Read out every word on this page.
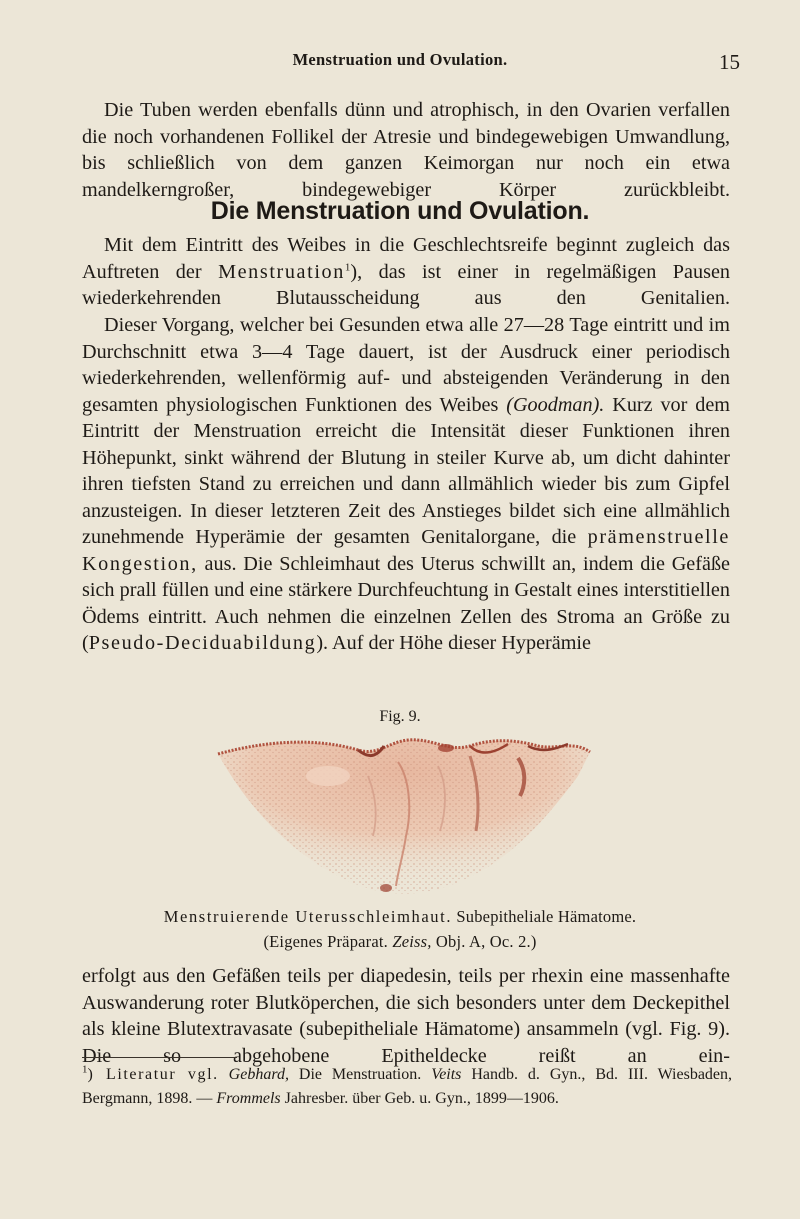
Menstruation und Ovulation.	15

Die Tuben werden ebenfalls dünn und atrophisch, in den Ovarien verfallen die noch vorhandenen Follikel der Atresie und bindegewebigen Umwandlung, bis schließlich von dem ganzen Keimorgan nur noch ein etwa mandelkerngroßer, bindegewebiger Körper zurückbleibt.

Die Menstruation und Ovulation.

Mit dem Eintritt des Weibes in die Geschlechtsreife beginnt zugleich das Auftreten der Menstruation$^1$), das ist einer in regelmäßigen Pausen wiederkehrenden Blutausscheidung aus den Genitalien.

Dieser Vorgang, welcher bei Gesunden etwa alle 27—28 Tage eintritt und im Durchschnitt etwa 3—4 Tage dauert, ist der Ausdruck einer periodisch wiederkehrenden, wellenförmig auf- und absteigenden Veränderung in den gesamten physiologischen Funktionen des Weibes (Goodman). Kurz vor dem Eintritt der Menstruation erreicht die Intensität dieser Funktionen ihren Höhepunkt, sinkt während der Blutung in steiler Kurve ab, um dicht dahinter ihren tiefsten Stand zu erreichen und dann allmählich wieder bis zum Gipfel anzusteigen. In dieser letzteren Zeit des Anstieges bildet sich eine allmählich zunehmende Hyperämie der gesamten Genitalorgane, die prämenstruelle Kongestion, aus. Die Schleimhaut des Uterus schwillt an, indem die Gefäße sich prall füllen und eine stärkere Durchfeuchtung in Gestalt eines interstitiellen Ödems eintritt. Auch nehmen die einzelnen Zellen des Stroma an Größe zu (Pseudo-Deciduabildung). Auf der Höhe dieser Hyperämie

Fig. 9.
Menstruierende Uterusschleimhaut. Subepitheliale Hämatome.
(Eigenes Präparat. Zeiss, Obj. A, Oc. 2.)

erfolgt aus den Gefäßen teils per diapedesin, teils per rhexin eine massenhafte Auswanderung roter Blutköperchen, die sich besonders unter dem Deckepithel als kleine Blutextravasate (subepitheliale Hämatome) ansammeln (vgl. Fig. 9). Die so abgehobene Epitheldecke reißt an ein-

$^1$) Literatur vgl. Gebhard, Die Menstruation. Veits Handb. d. Gyn., Bd. III. Wiesbaden, Bergmann, 1898. — Frommels Jahresber. über Geb. u. Gyn., 1899—1906.
